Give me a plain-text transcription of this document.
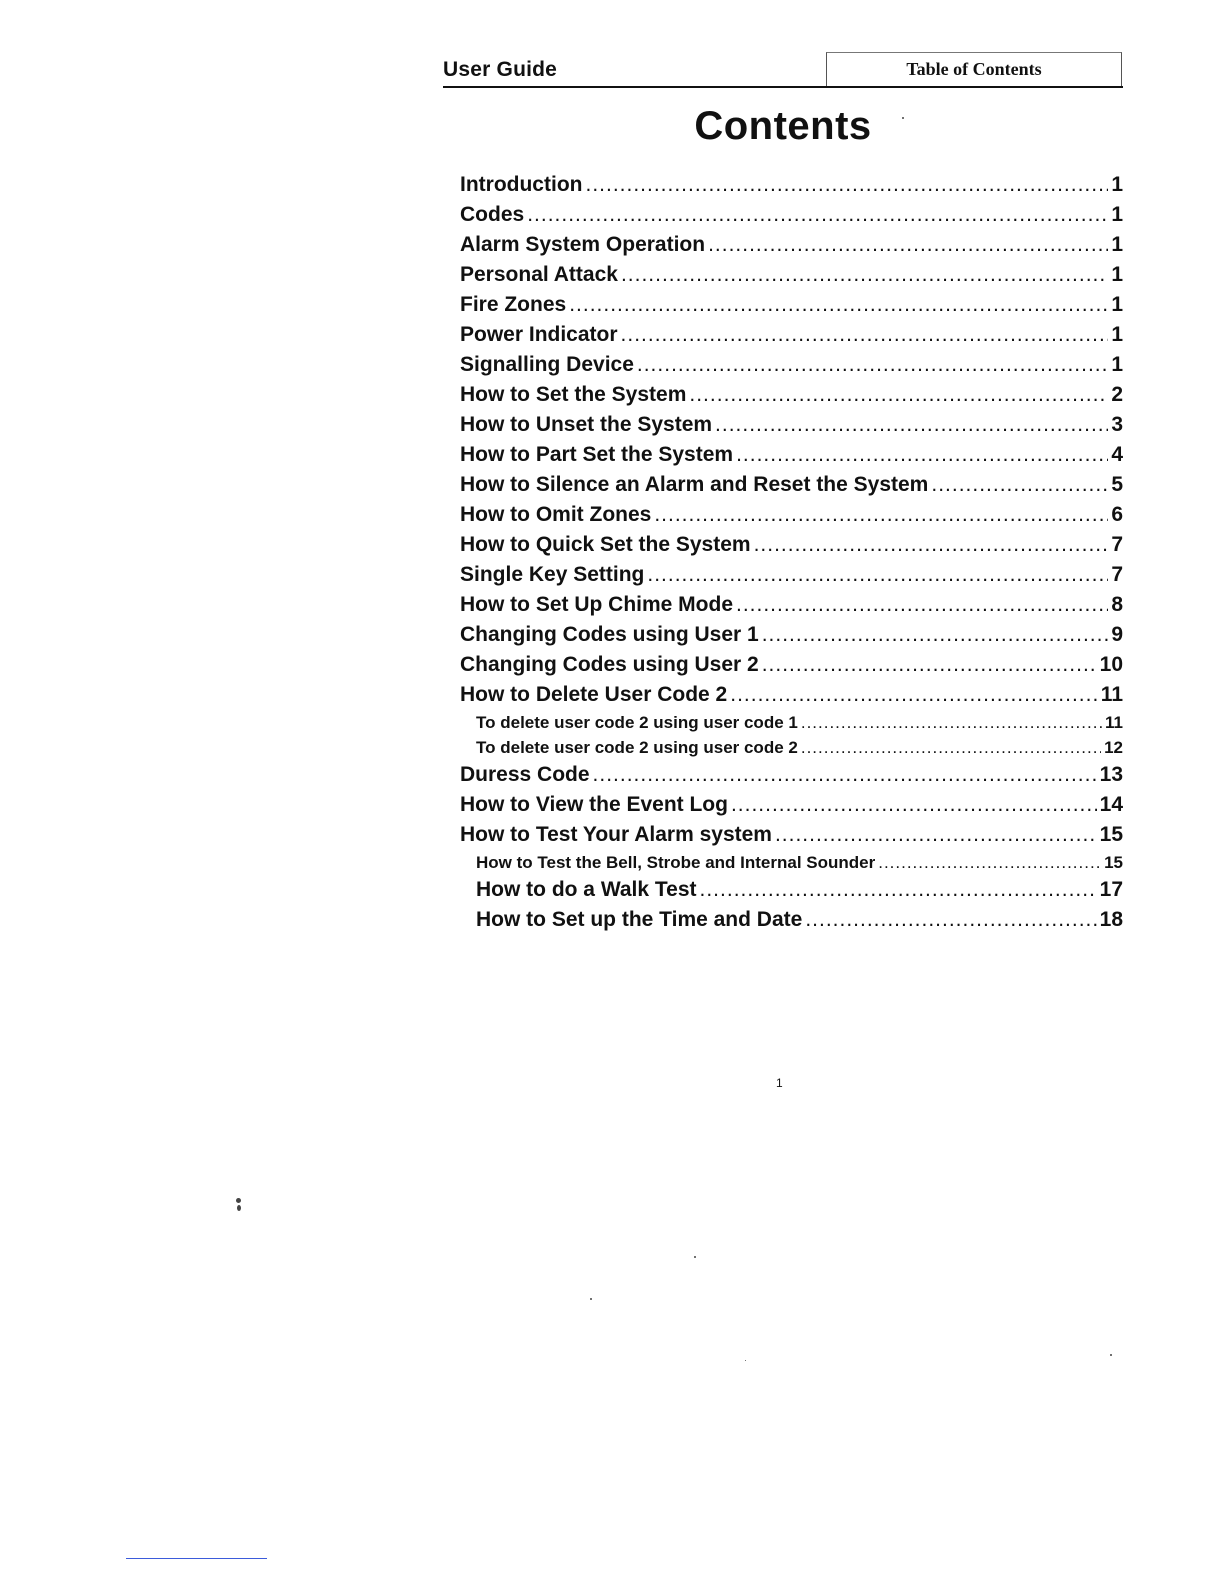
User Guide	Table of Contents
Contents
Introduction .....	1
Codes .....	1
Alarm System Operation .....	1
Personal Attack .....	1
Fire Zones .....	1
Power Indicator .....	1
Signalling Device .....	1
How to Set the System .....	2
How to Unset the System .....	3
How to Part Set the System .....	4
How to Silence an Alarm and Reset the System .....	5
How to Omit Zones .....	6
How to Quick Set the System .....	7
Single Key Setting .....	7
How to Set Up Chime Mode .....	8
Changing Codes using User 1 .....	9
Changing Codes using User 2 .....	10
How to Delete User Code 2 .....	11
To delete user code 2 using user code 1 .....	11
To delete user code 2 using user code 2 .....	12
Duress Code .....	13
How to View the Event Log .....	14
How to Test Your Alarm system .....	15
How to Test the Bell, Strobe and Internal Sounder .....	15
How to do a Walk Test .....	17
How to Set up the Time and Date .....	18
1
